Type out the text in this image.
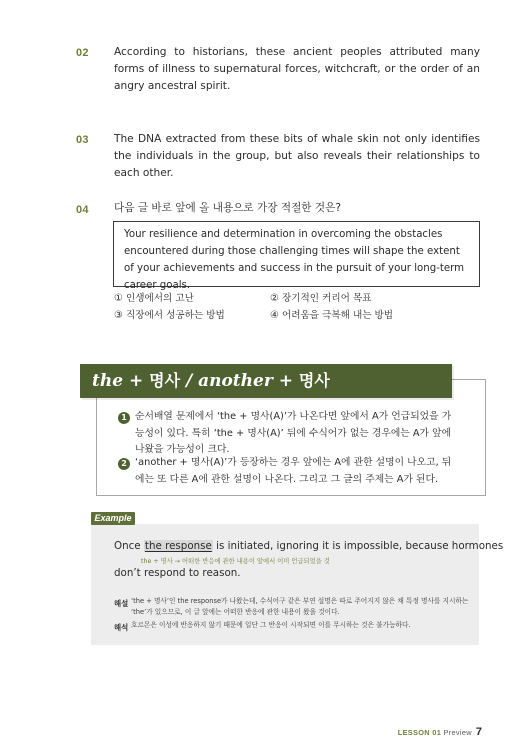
02 According to historians, these ancient peoples attributed many forms of illness to supernatural forces, witchcraft, or the order of an angry ancestral spirit.
03 The DNA extracted from these bits of whale skin not only identifies the individuals in the group, but also reveals their relationships to each other.
04 다음 글 바로 앞에 올 내용으로 가장 적절한 것은?
Your resilience and determination in overcoming the obstacles encountered during those challenging times will shape the extent of your achievements and success in the pursuit of your long-term career goals.
① 인생에서의 고난	② 장기적인 커리어 목표
③ 직장에서 성공하는 방법	④ 어려움을 극복해 내는 방법
the + 명사 / another + 명사
1 순서배열 문제에서 ‘the + 명사(A)’가 나온다면 앞에서 A가 언급되었을 가능성이 있다. 특히 ‘the + 명사(A)’ 뒤에 수식어가 없는 경우에는 A가 앞에 나왔을 가능성이 크다.
2 ‘another + 명사(A)’가 등장하는 경우 앞에는 A에 관한 설명이 나오고, 뒤에는 또 다른 A에 관한 설명이 나온다. 그리고 그 글의 주제는 A가 된다.
Example
Once the response is initiated, ignoring it is impossible, because hormones
the + 명사 → 어떠한 반응에 관한 내용이 앞에서 이미 언급되었을 것
don’t respond to reason.
해설 ‘the + 명사’인 the response가 나왔는데, 수식어구 같은 부연 설명은 따로 주어지지 않은 채 특정 명사를 지시하는 ‘the’가 있으므로, 이 글 앞에는 어떠한 반응에 관한 내용이 왔을 것이다.
해석 호르몬은 이성에 반응하지 않기 때문에 일단 그 반응이 시작되면 이를 무시하는 것은 불가능하다.
LESSON 01 Preview 7
